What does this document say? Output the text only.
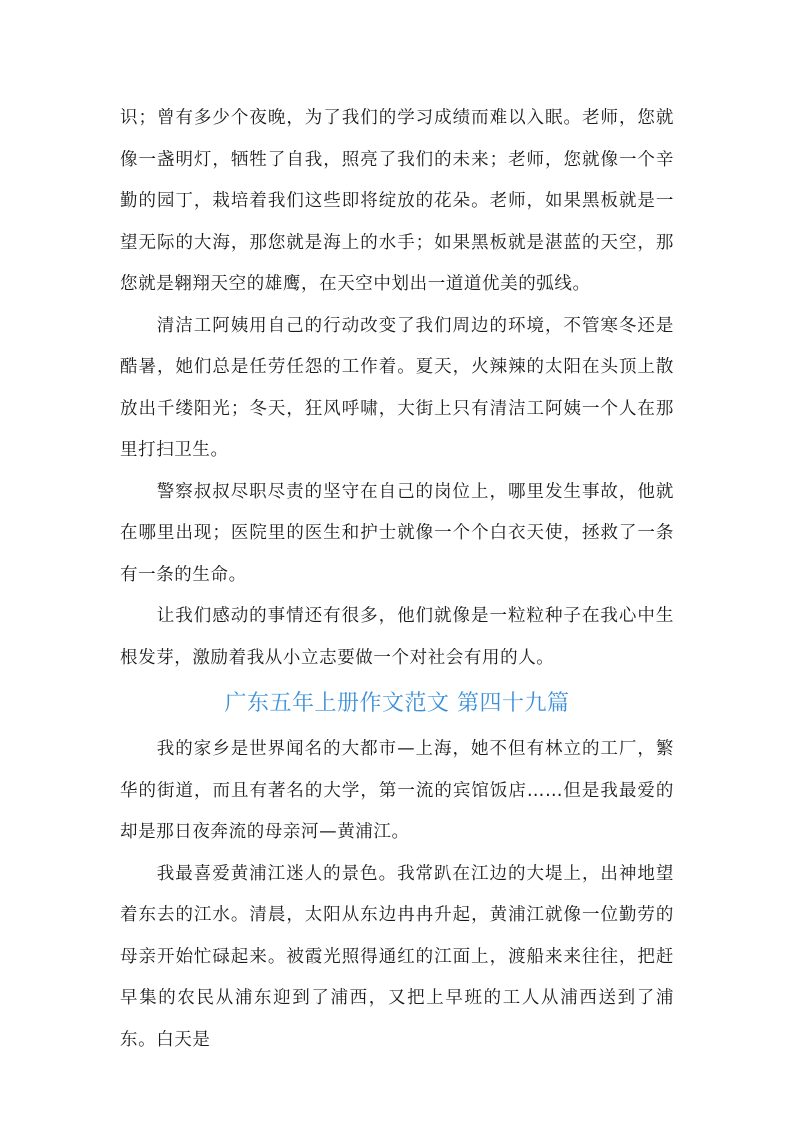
识；曾有多少个夜晚，为了我们的学习成绩而难以入眠。老师，您就像一盏明灯，牺牲了自我，照亮了我们的未来；老师，您就像一个辛勤的园丁，栽培着我们这些即将绽放的花朵。老师，如果黑板就是一望无际的大海，那您就是海上的水手；如果黑板就是湛蓝的天空，那您就是翱翔天空的雄鹰，在天空中划出一道道优美的弧线。

清洁工阿姨用自己的行动改变了我们周边的环境，不管寒冬还是酷暑，她们总是任劳任怨的工作着。夏天，火辣辣的太阳在头顶上散放出千缕阳光；冬天，狂风呼啸，大街上只有清洁工阿姨一个人在那里打扫卫生。

警察叔叔尽职尽责的坚守在自己的岗位上，哪里发生事故，他就在哪里出现；医院里的医生和护士就像一个个白衣天使，拯救了一条有一条的生命。

让我们感动的事情还有很多，他们就像是一粒粒种子在我心中生根发芽，激励着我从小立志要做一个对社会有用的人。

广东五年上册作文范文 第四十九篇

我的家乡是世界闻名的大都市—上海，她不但有林立的工厂，繁华的街道，而且有著名的大学，第一流的宾馆饭店……但是我最爱的却是那日夜奔流的母亲河—黄浦江。

我最喜爱黄浦江迷人的景色。我常趴在江边的大堤上，出神地望着东去的江水。清晨，太阳从东边冉冉升起，黄浦江就像一位勤劳的母亲开始忙碌起来。被霞光照得通红的江面上，渡船来来往往，把赶早集的农民从浦东迎到了浦西，又把上早班的工人从浦西送到了浦东。白天是
